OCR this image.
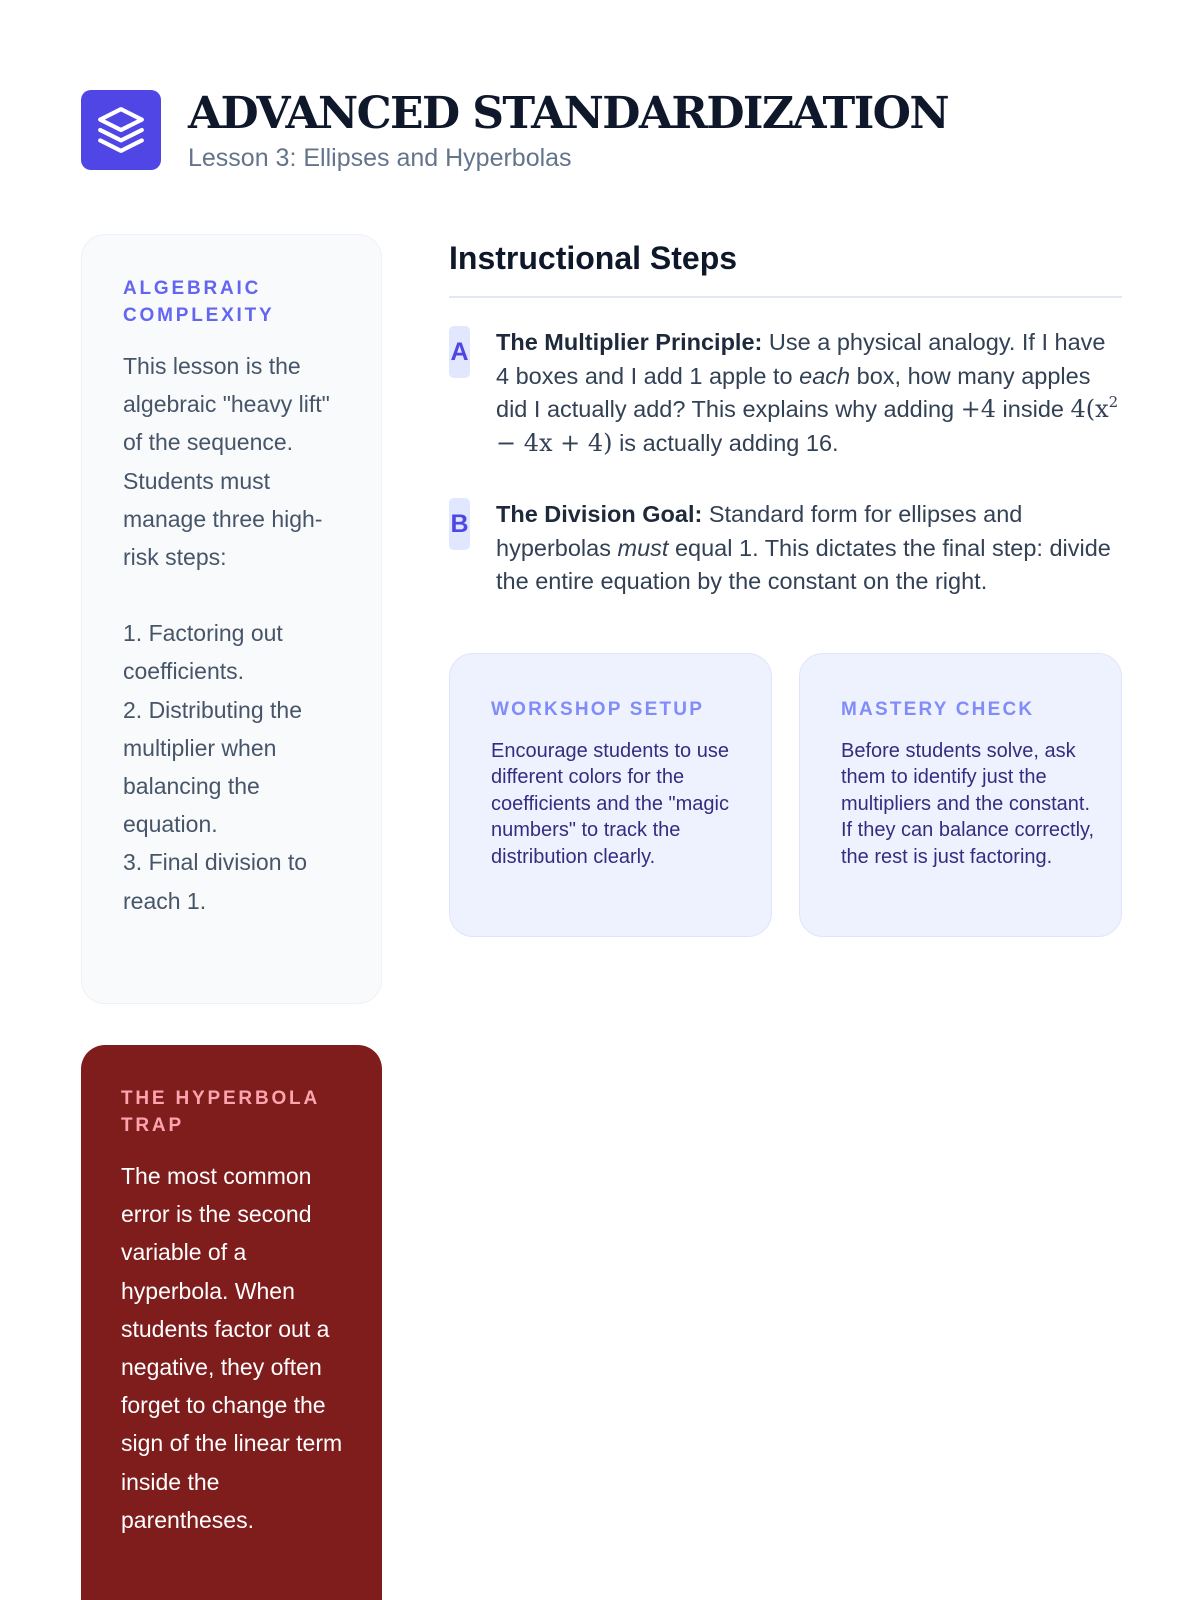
ADVANCED STANDARDIZATION
Lesson 3: Ellipses and Hyperbolas
ALGEBRAIC COMPLEXITY
This lesson is the algebraic "heavy lift" of the sequence. Students must manage three high-risk steps:
1. Factoring out coefficients.
2. Distributing the multiplier when balancing the equation.
3. Final division to reach 1.
THE HYPERBOLA TRAP
The most common error is the second variable of a hyperbola. When students factor out a negative, they often forget to change the sign of the linear term inside the parentheses.
Instructional Steps
A The Multiplier Principle: Use a physical analogy. If I have 4 boxes and I add 1 apple to each box, how many apples did I actually add? This explains why adding +4 inside $4(x^2 - 4x + 4)$ is actually adding 16.

B The Division Goal: Standard form for ellipses and hyperbolas must equal 1. This dictates the final step: divide the entire equation by the constant on the right.

WORKSHOP SETUP
Encourage students to use different colors for the coefficients and the "magic numbers" to track the distribution clearly.
MASTERY CHECK
Before students solve, ask them to identify just the multipliers and the constant. If they can balance correctly, the rest is just factoring.
